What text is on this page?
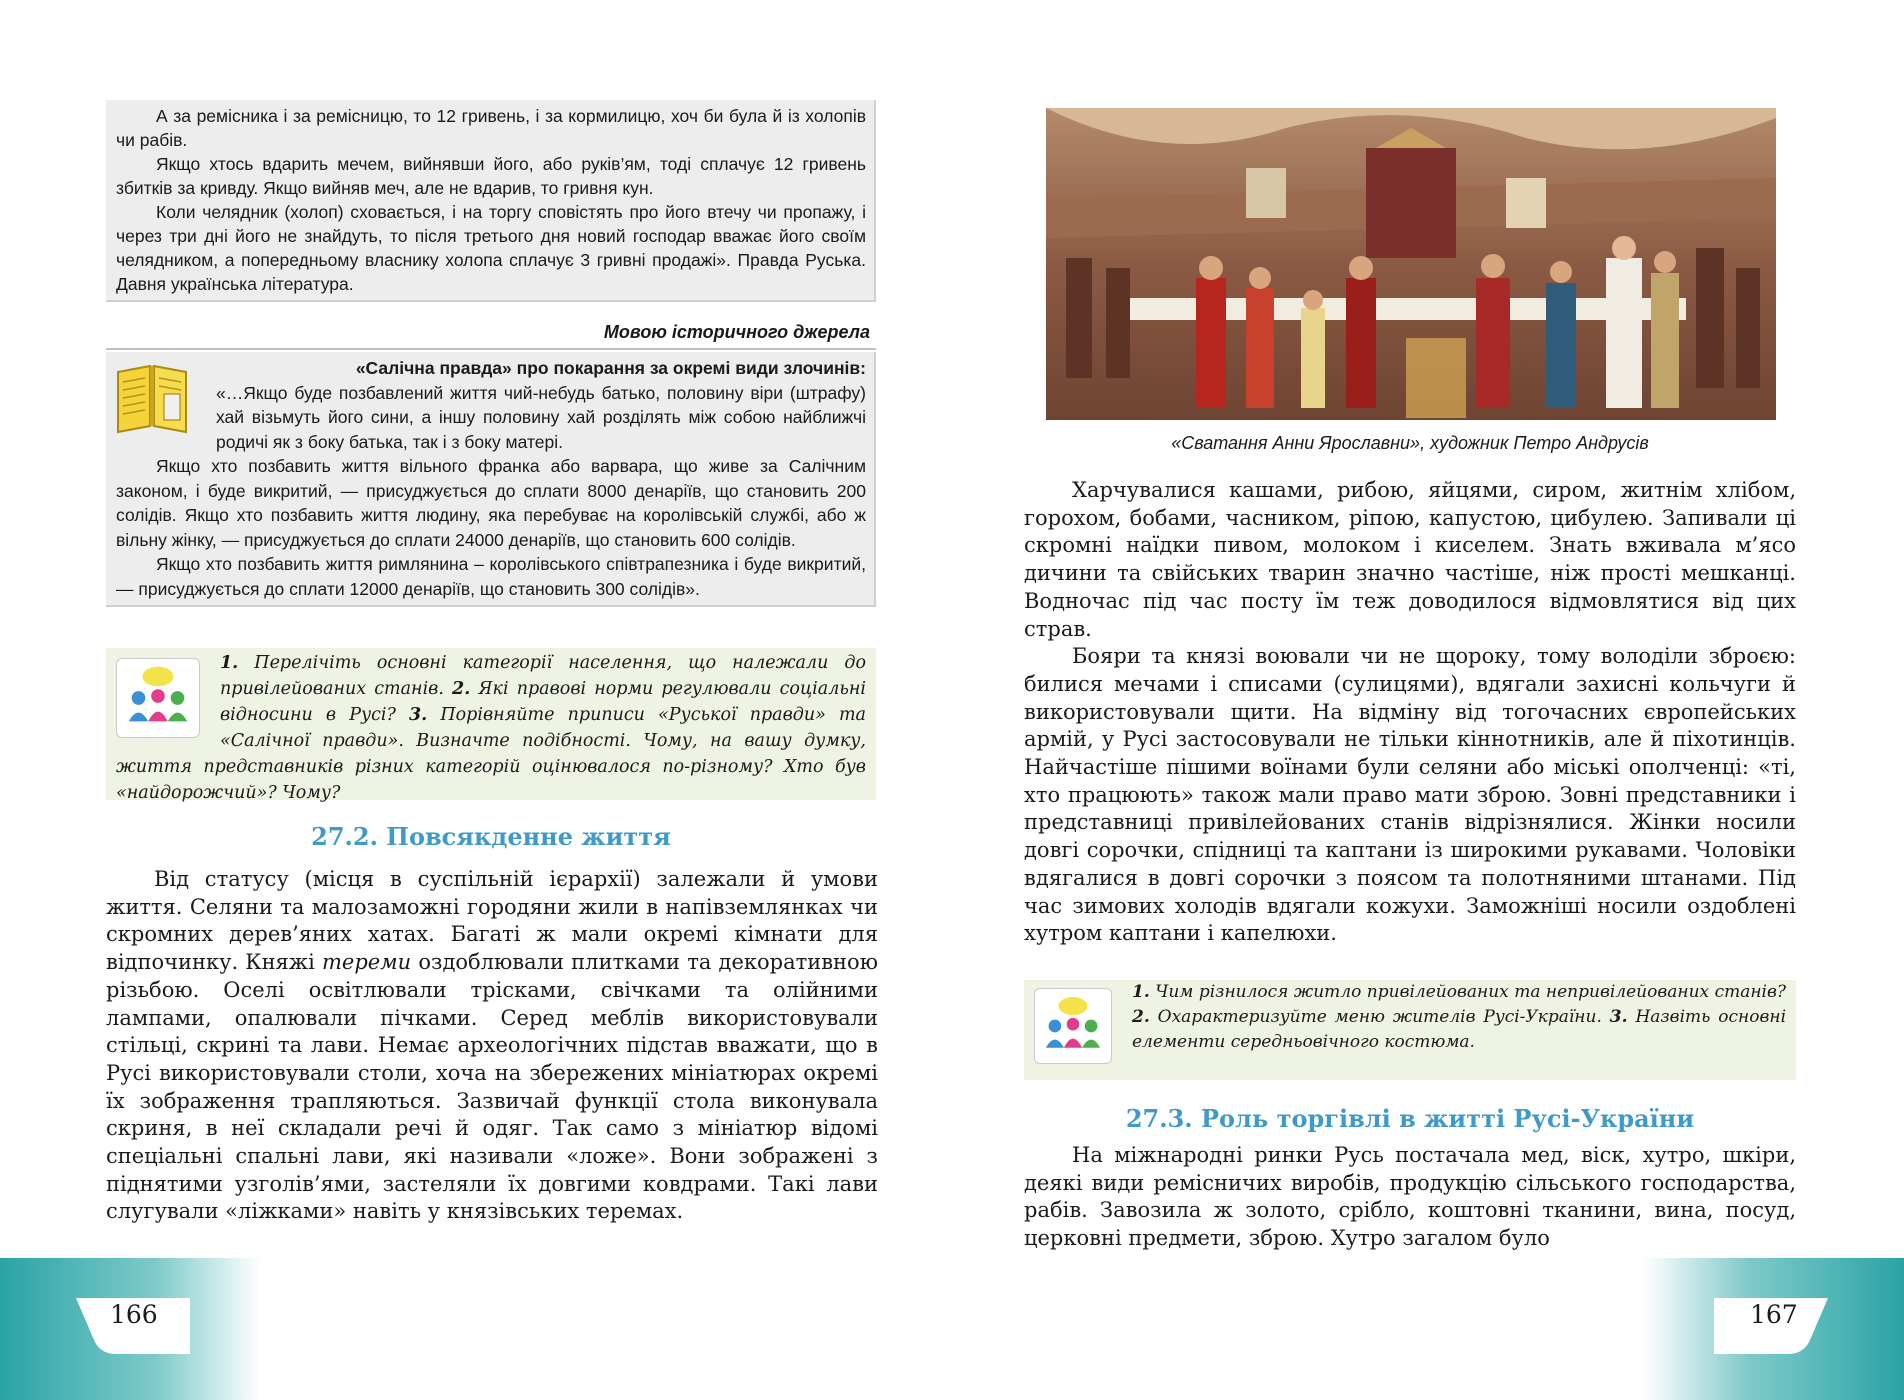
А за ремісника і за ремісницю, то 12 гривень, і за кормилицю, хоч би була й із холопів чи рабів.

Якщо хтось вдарить мечем, вийнявши його, або руків’ям, тоді сплачує 12 гривень збитків за кривду. Якщо вийняв меч, але не вдарив, то гривня кун.

Коли челядник (холоп) сховається, і на торгу сповістять про його втечу чи пропажу, і через три дні його не знайдуть, то після третього дня новий господар вважає його своїм челядником, а попередньому власнику холопа сплачує 3 гривні продажі». Правда Руська. Давня українська література.

Мовою історичного джерела

«Салічна правда» про покарання за окремі види злочинів:

«…Якщо буде позбавлений життя чий-небудь батько, половину віри (штрафу) хай візьмуть його сини, а іншу половину хай розділять між собою найближчі родичі як з боку батька, так і з боку матері.

Якщо хто позбавить життя вільного франка або варвара, що живе за Салічним законом, і буде викритий, — присуджується до сплати 8000 денаріїв, що становить 200 солідів. Якщо хто позбавить життя людину, яка перебуває на королівській службі, або ж вільну жінку, — присуджується до сплати 24000 денаріїв, що становить 600 солідів.

Якщо хто позбавить життя римлянина – королівського співтрапезника і буде викритий, — присуджується до сплати 12000 денаріїв, що становить 300 солідів».

1. Перелічіть основні категорії населення, що належали до привілейованих станів. 2. Які правові норми регулювали соціальні відносини в Русі? 3. Порівняйте приписи «Руської правди» та «Салічної правди». Визначте подібності. Чому, на вашу думку, життя представників різних категорій оцінювалося по-різному? Хто був «найдорожчий»? Чому?
27.2. Повсякденне життя

Від статусу (місця в суспільній ієрархії) залежали й умови життя. Селяни та малозаможні городяни жили в напівземлянках чи скромних дерев’яних хатах. Багаті ж мали окремі кімнати для відпочинку. Княжі тереми оздоблювали плитками та декоративною різьбою. Оселі освітлювали трісками, свічками та олійними лампами, опалювали пічками. Серед меблів використовували стільці, скрині та лави. Немає археологічних підстав вважати, що в Русі використовували столи, хоча на збережених мініатюрах окремі їх зображення трапляються. Зазвичай функції стола виконувала скриня, в неї складали речі й одяг. Так само з мініатюр відомі спеціальні спальні лави, які називали «ложе». Вони зображені з піднятими узголів’ями, застеляли їх довгими ковдрами. Такі лави слугували «ліжками» навіть у князівських теремах.

«Сватання Анни Ярославни», художник Петро Андрусів

Харчувалися кашами, рибою, яйцями, сиром, житнім хлібом, горохом, бобами, часником, ріпою, капустою, цибулею. Запивали ці скромні наїдки пивом, молоком і киселем. Знать вживала м’ясо дичини та свійських тварин значно частіше, ніж прості мешканці. Водночас під час посту їм теж доводилося відмовлятися від цих страв.

Бояри та князі воювали чи не щороку, тому володіли зброєю: билися мечами і списами (сулицями), вдягали захисні кольчуги й використовували щити. На відміну від тогочасних європейських армій, у Русі застосовували не тільки кіннотників, але й піхотинців. Найчастіше пішими воїнами були селяни або міські ополченці: «ті, хто працюють» також мали право мати зброю. Зовні представники і представниці привілейованих станів відрізнялися. Жінки носили довгі сорочки, спідниці та каптани із широкими рукавами. Чоловіки вдягалися в довгі сорочки з поясом та полотняними штанами. Під час зимових холодів вдягали кожухи. Заможніші носили оздоблені хутром каптани і капелюхи.

1. Чим різнилося житло привілейованих та непривілейованих станів? 2. Охарактеризуйте меню жителів Русі-України. 3. Назвіть основні елементи середньовічного костюма.
27.3. Роль торгівлі в житті Русі-України

На міжнародні ринки Русь постачала мед, віск, хутро, шкіри, деякі види ремісничих виробів, продукцію сільського господарства, рабів. Завозила ж золото, срібло, коштовні тканини, вина, посуд, церковні предмети, зброю. Хутро загалом було

166	167
